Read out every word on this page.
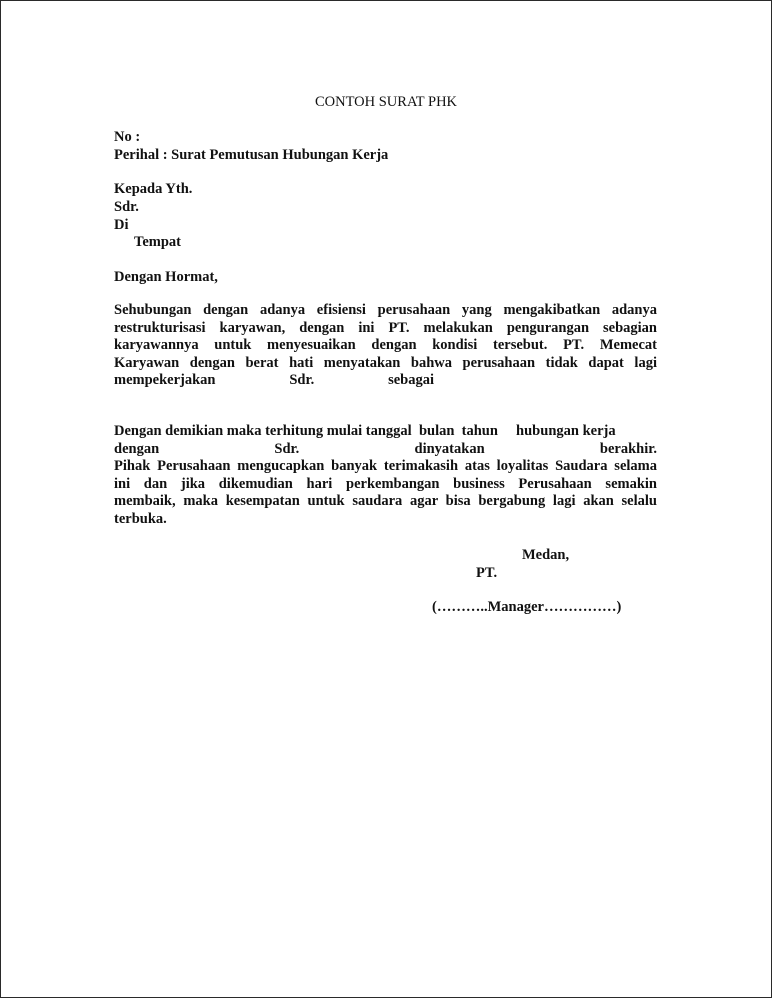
CONTOH SURAT PHK
No :
Perihal : Surat Pemutusan Hubungan Kerja
Kepada Yth.
Sdr.
Di
Tempat
Dengan Hormat,
Sehubungan dengan adanya efisiensi perusahaan yang mengakibatkan adanya
restrukturisasi karyawan, dengan ini PT. melakukan pengurangan sebagian
karyawannya untuk menyesuaikan dengan kondisi tersebut. PT. Memecat
Karyawan dengan berat hati menyatakan bahwa perusahaan tidak dapat lagi
mempekerjakan Sdr. sebagai
Dengan demikian maka terhitung mulai tanggal  bulan  tahun     hubungan kerja
dengan Sdr. dinyatakan berakhir.
Pihak Perusahaan mengucapkan banyak terimakasih atas loyalitas Saudara selama
ini dan jika dikemudian hari perkembangan business Perusahaan semakin
membaik, maka kesempatan untuk saudara agar bisa bergabung lagi akan selalu
terbuka.
Medan,
PT.
(………..Manager……………)
